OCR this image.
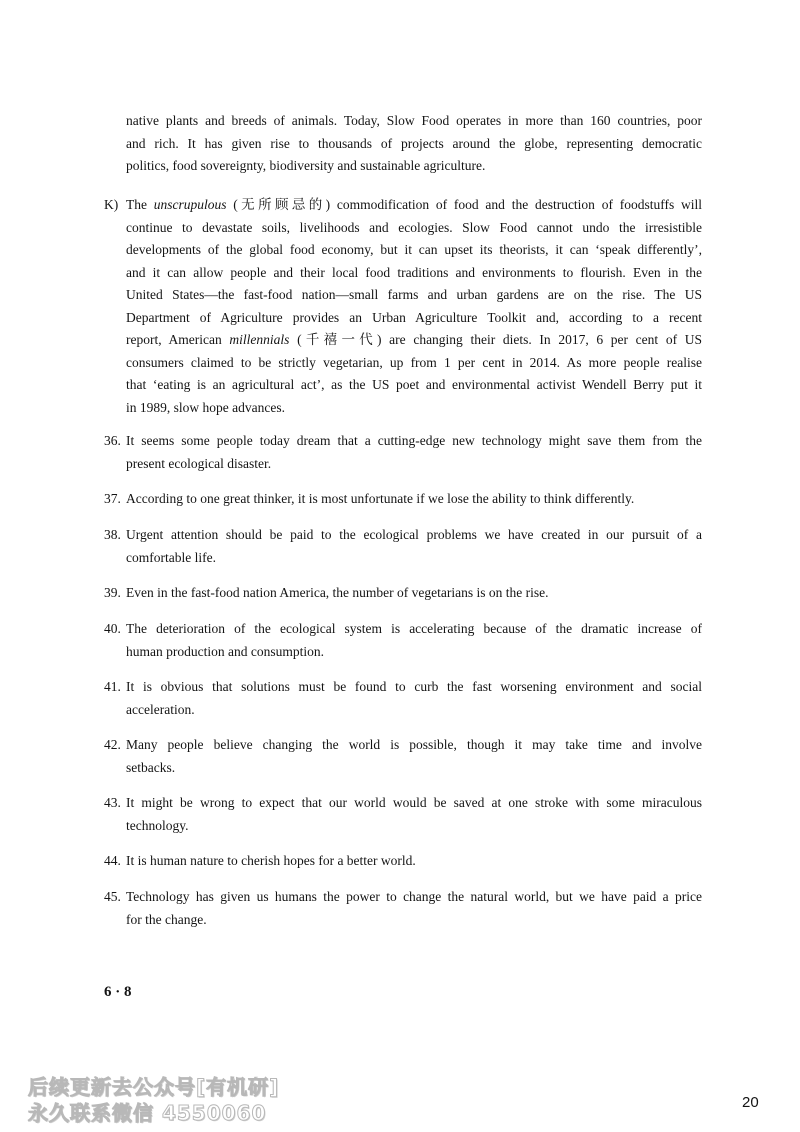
native plants and breeds of animals. Today, Slow Food operates in more than 160 countries, poor
and rich. It has given rise to thousands of projects around the globe, representing democratic
politics, food sovereignty, biodiversity and sustainable agriculture.
K) The unscrupulous (无所顾忌的) commodification of food and the destruction of foodstuffs will
continue to devastate soils, livelihoods and ecologies. Slow Food cannot undo the irresistible
developments of the global food economy, but it can upset its theorists, it can ‘speak differently’,
and it can allow people and their local food traditions and environments to flourish. Even in the
United States—the fast-food nation—small farms and urban gardens are on the rise. The US
Department of Agriculture provides an Urban Agriculture Toolkit and, according to a recent
report, American millennials (千禧一代) are changing their diets. In 2017, 6 per cent of US
consumers claimed to be strictly vegetarian, up from 1 per cent in 2014. As more people realise
that ‘eating is an agricultural act’, as the US poet and environmental activist Wendell Berry put it
in 1989, slow hope advances.
36. It seems some people today dream that a cutting-edge new technology might save them from the
present ecological disaster.
37. According to one great thinker, it is most unfortunate if we lose the ability to think differently.
38. Urgent attention should be paid to the ecological problems we have created in our pursuit of a
comfortable life.
39. Even in the fast-food nation America, the number of vegetarians is on the rise.
40. The deterioration of the ecological system is accelerating because of the dramatic increase of
human production and consumption.
41. It is obvious that solutions must be found to curb the fast worsening environment and social
acceleration.
42. Many people believe changing the world is possible, though it may take time and involve
setbacks.
43. It might be wrong to expect that our world would be saved at one stroke with some miraculous
technology.
44. It is human nature to cherish hopes for a better world.
45. Technology has given us humans the power to change the natural world, but we have paid a price
for the change.
6 · 8
后续更新去公众号[有机研]
永久联系微信 4550060	20
